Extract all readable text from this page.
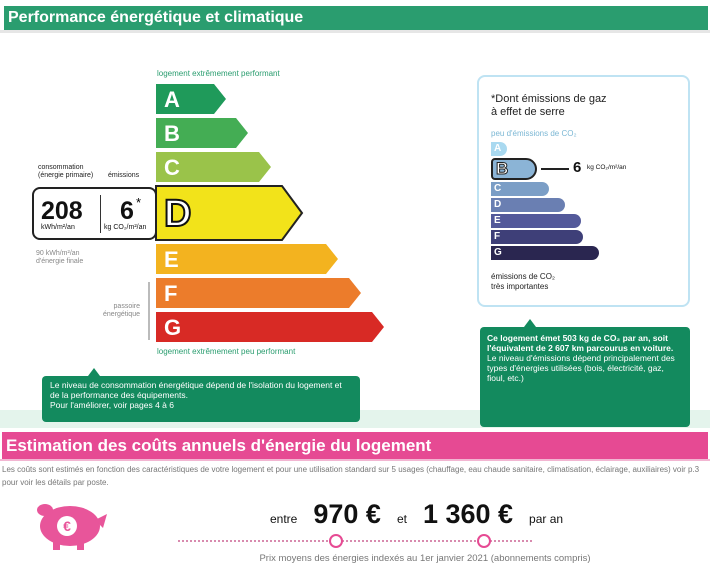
Performance énergétique et climatique
logement extrêmement performant
A
B
C
D
E
F
G
logement extrêmement peu performant
consommation
(énergie primaire) émissions
208
kWh/m²/an
6 *
kg CO₂/m²/an
90 kWh/m²/an
d'énergie finale
passoire
énergétique
*Dont émissions de gaz
à effet de serre
peu d'émissions de CO₂
A
B	6 kg CO₂/m²/an
C
D
E
F
G
émissions de CO₂
très importantes
Le niveau de consommation énergétique dépend de l'isolation du logement et de la performance des équipements.
Pour l'améliorer, voir pages 4 à 6
Ce logement émet 503 kg de CO₂ par an, soit l'équivalent de 2 607 km parcourus en voiture.
Le niveau d'émissions dépend principalement des types d'énergies utilisées (bois, électricité, gaz, fioul, etc.)
Estimation des coûts annuels d'énergie du logement
Les coûts sont estimés en fonction des caractéristiques de votre logement et pour une utilisation standard sur 5 usages (chauffage, eau chaude sanitaire, climatisation, éclairage, auxiliaires) voir p.3 pour voir les détails par poste.
€	entre 970 € et 1 360 € par an
Prix moyens des énergies indexés au 1er janvier 2021 (abonnements compris)
